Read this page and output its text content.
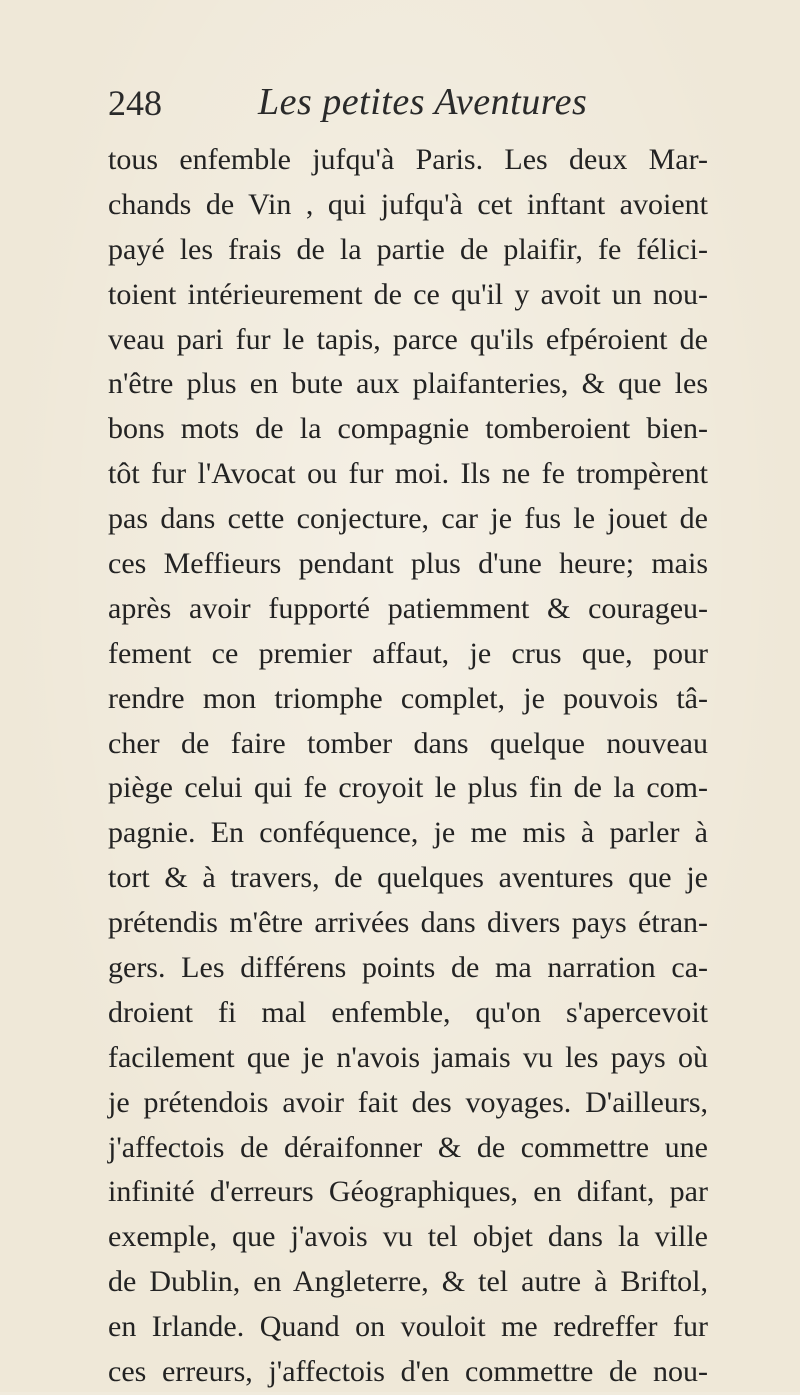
248	Les petites Aventures
tous enfemble jufqu'à Paris. Les deux Mar-
chands de Vin , qui jufqu'à cet inftant avoient
payé les frais de la partie de plaifir, fe félici-
toient intérieurement de ce qu'il y avoit un nou-
veau pari fur le tapis, parce qu'ils efpéroient de
n'être plus en bute aux plaifanteries, & que les
bons mots de la compagnie tomberoient bien-
tôt fur l'Avocat ou fur moi. Ils ne fe trompèrent
pas dans cette conjecture, car je fus le jouet de
ces Meffieurs pendant plus d'une heure; mais
après avoir fupporté patiemment & courageu-
fement ce premier affaut, je crus que, pour
rendre mon triomphe complet, je pouvois tâ-
cher de faire tomber dans quelque nouveau
piège celui qui fe croyoit le plus fin de la com-
pagnie. En conféquence, je me mis à parler à
tort & à travers, de quelques aventures que je
prétendis m'être arrivées dans divers pays étran-
gers. Les différens points de ma narration ca-
droient fi mal enfemble, qu'on s'apercevoit
facilement que je n'avois jamais vu les pays où
je prétendois avoir fait des voyages. D'ailleurs,
j'affectois de déraifonner & de commettre une
infinité d'erreurs Géographiques, en difant, par
exemple, que j'avois vu tel objet dans la ville
de Dublin, en Angleterre, & tel autre à Briftol,
en Irlande. Quand on vouloit me redreffer fur
ces erreurs, j'affectois d'en commettre de nou-
